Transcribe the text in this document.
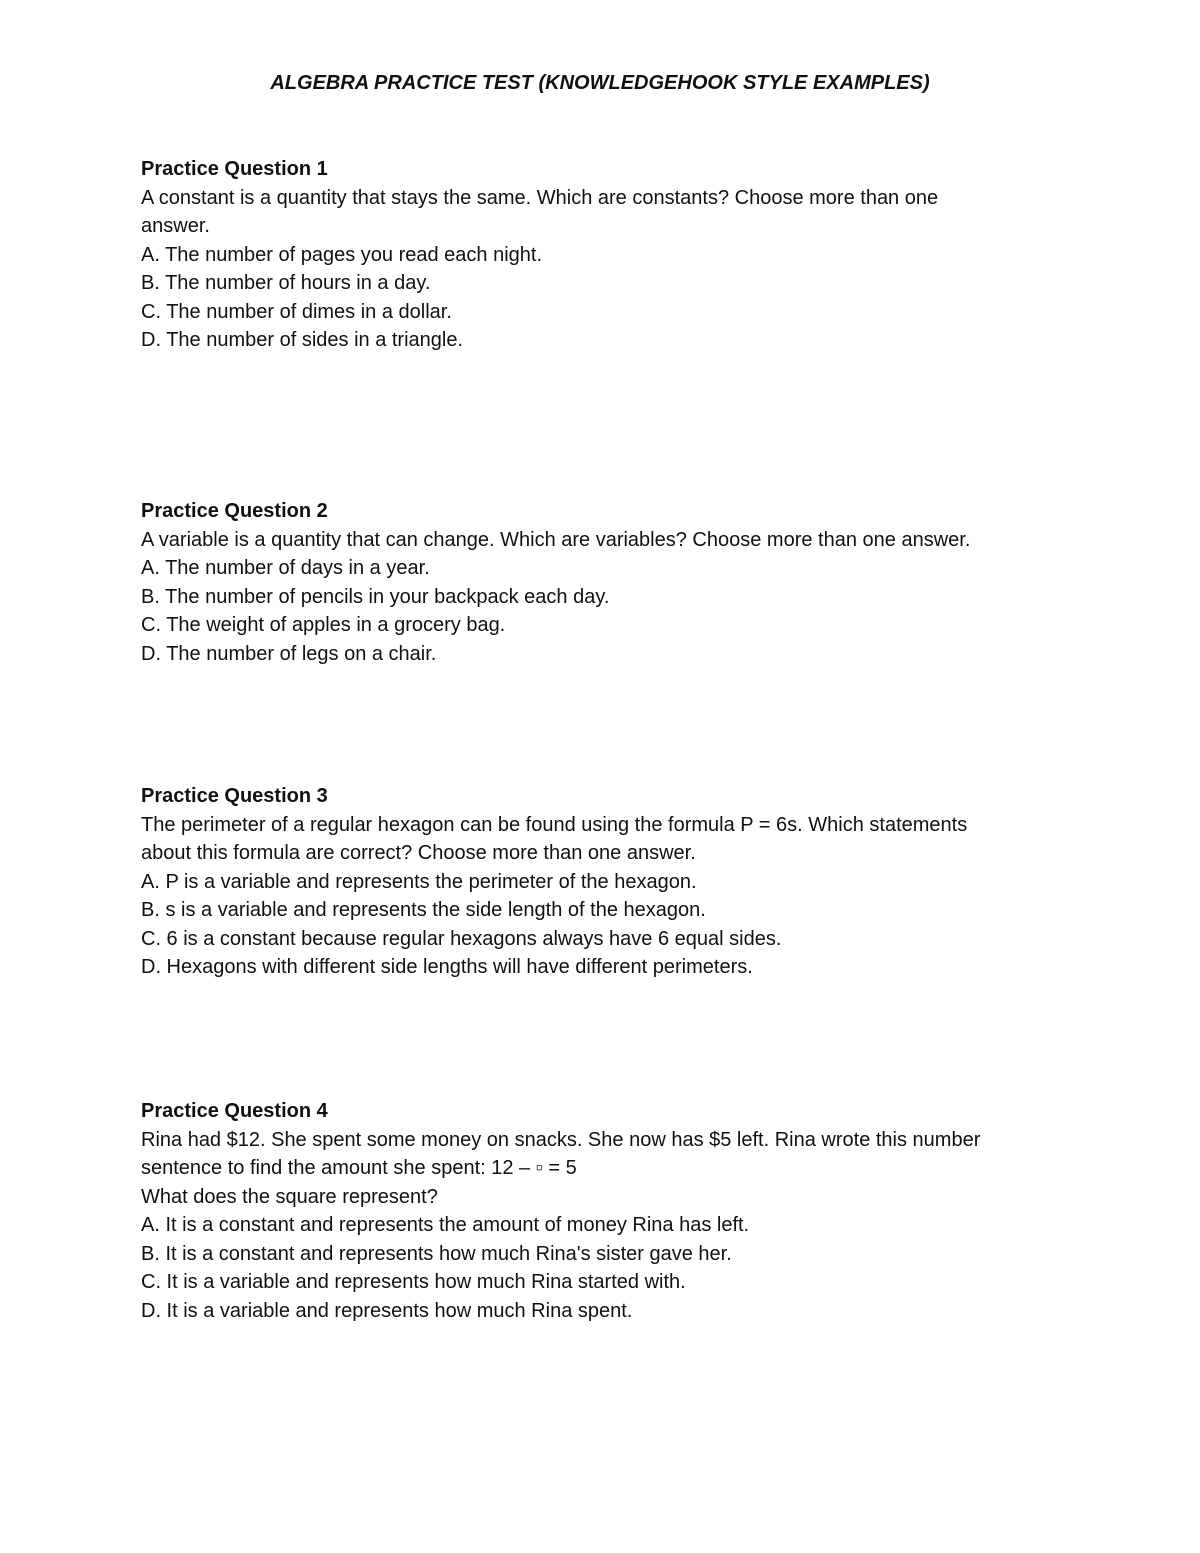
ALGEBRA PRACTICE TEST (KNOWLEDGEHOOK STYLE EXAMPLES)

Practice Question 1

A constant is a quantity that stays the same. Which are constants? Choose more than one

answer.

A. The number of pages you read each night.

B. The number of hours in a day.

C. The number of dimes in a dollar.

D. The number of sides in a triangle.

Practice Question 2

A variable is a quantity that can change. Which are variables? Choose more than one answer.

A. The number of days in a year.

B. The number of pencils in your backpack each day.

C. The weight of apples in a grocery bag.

D. The number of legs on a chair.

Practice Question 3

The perimeter of a regular hexagon can be found using the formula P = 6s. Which statements

about this formula are correct? Choose more than one answer.

A. P is a variable and represents the perimeter of the hexagon.

B. s is a variable and represents the side length of the hexagon.

C. 6 is a constant because regular hexagons always have 6 equal sides.

D. Hexagons with different side lengths will have different perimeters.

Practice Question 4

Rina had $12. She spent some money on snacks. She now has $5 left. Rina wrote this number

sentence to find the amount she spent: 12 – ▫ = 5

What does the square represent?

A. It is a constant and represents the amount of money Rina has left.

B. It is a constant and represents how much Rina's sister gave her.

C. It is a variable and represents how much Rina started with.

D. It is a variable and represents how much Rina spent.
